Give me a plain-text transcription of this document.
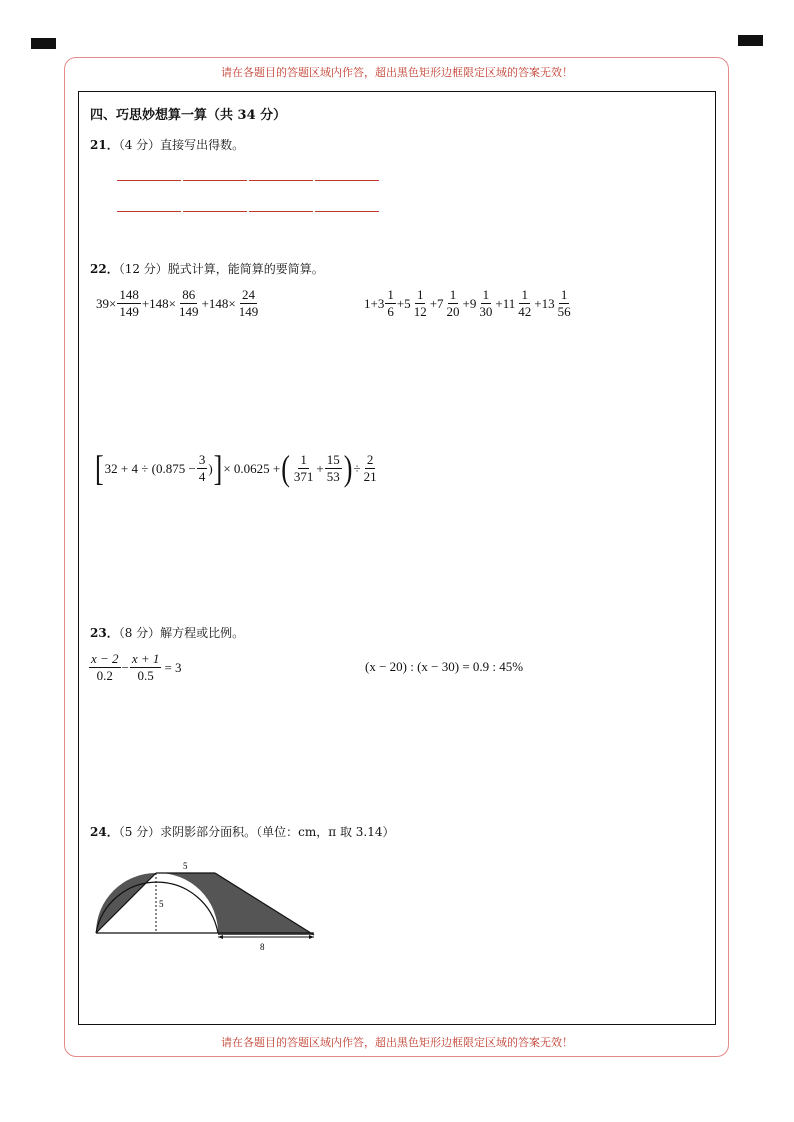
请在各题目的答题区域内作答，超出黑色矩形边框限定区域的答案无效！
请在各题目的答题区域内作答，超出黑色矩形边框限定区域的答案无效！
四、巧思妙想算一算（共 34 分）
21．（4 分）直接写出得数。
22．（12 分）脱式计算，能简算的要简算。
$39\times \frac{148}{149} +148\times \frac{86}{149} +148\times \frac{24}{149}$	1+3
1
6
+5
1
12
+7
1
20
+9
1
30
+11
1
42
+13
1
56
[ $32 + 4 \div (0.875 - \frac{3}{4}$ ) ] × 0.0625 + ( 1
371
+ $\frac{15}{53}$ ) ÷ $\frac{2}{21}$
23．（8 分）解方程或比例。
x − 2
0.2
− $\frac{x + 1}{0.5} = 3$	(x − 20) : (x − 30) = 0.9 : 45%
24．（5 分）求阴影部分面积。（单位：cm，π 取 3.14）
5
5
8
